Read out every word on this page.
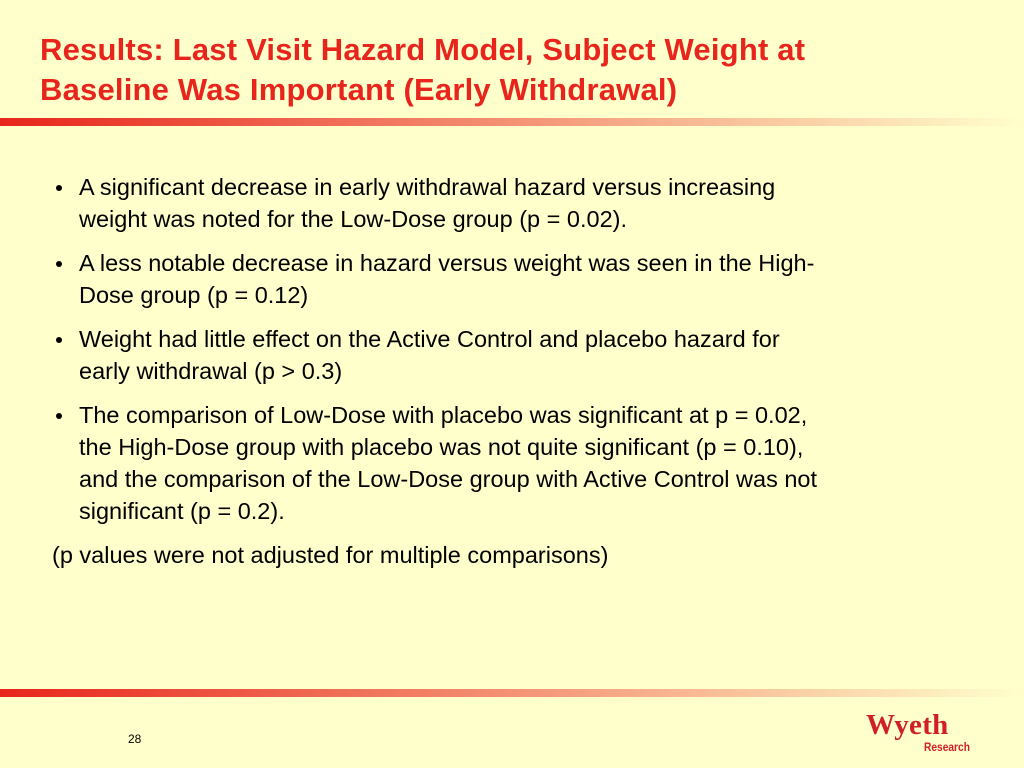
Results: Last Visit Hazard Model, Subject Weight at
Baseline Was Important (Early Withdrawal)
A significant decrease in early withdrawal hazard versus increasing
weight was noted for the Low-Dose group (p = 0.02).
A less notable decrease in hazard versus weight was seen in the High-
Dose group (p = 0.12)
Weight had little effect on the Active Control and placebo hazard for
early withdrawal (p > 0.3)
The comparison of Low-Dose with placebo was significant at p = 0.02,
the High-Dose group with placebo was not quite significant (p = 0.10),
and the comparison of the Low-Dose group with Active Control was not
significant (p = 0.2).

(p values were not adjusted for multiple comparisons)

28	Wyeth
Research
